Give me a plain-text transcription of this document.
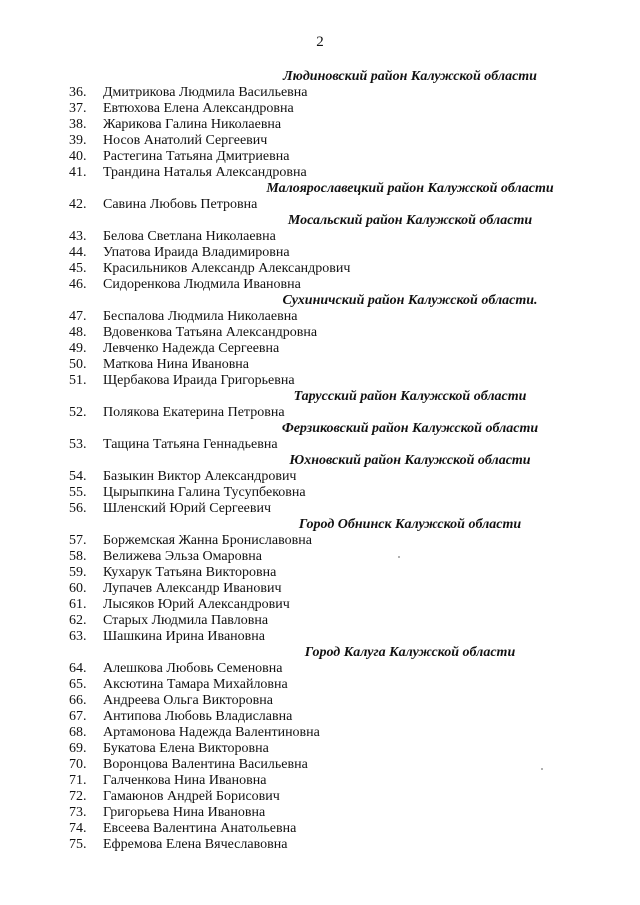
2
Людиновский район Калужской области
36.	Дмитрикова Людмила Васильевна
37.	Евтюхова Елена Александровна
38.	Жарикова Галина Николаевна
39.	Носов Анатолий Сергеевич
40.	Растегина Татьяна Дмитриевна
41.	Трандина Наталья Александровна
Малоярославецкий район Калужской области
42.	Савина Любовь Петровна
Мосальский район Калужской области
43.	Белова Светлана Николаевна
44.	Упатова Ираида Владимировна
45.	Красильников Александр Александрович
46.	Сидоренкова Людмила Ивановна
Сухиничский район Калужской области.
47.	Беспалова Людмила Николаевна
48.	Вдовенкова Татьяна Александровна
49.	Левченко Надежда Сергеевна
50.	Маткова Нина Ивановна
51.	Щербакова Ираида Григорьевна
Тарусский район Калужской области
52.	Полякова Екатерина Петровна
Ферзиковский район Калужской области
53.	Тащина Татьяна Геннадьевна
Юхновский район Калужской области
54.	Базыкин Виктор Александрович
55.	Цырыпкина Галина Тусупбековна
56.	Шленский Юрий Сергеевич
Город Обнинск Калужской области
57.	Боржемская Жанна Брониславовна
58.	Велижева Эльза Омаровна
59.	Кухарук Татьяна Викторовна
60.	Лупачев Александр Иванович
61.	Лысяков Юрий Александрович
62.	Старых Людмила Павловна
63.	Шашкина Ирина Ивановна
Город Калуга Калужской области
64.	Алешкова Любовь Семеновна
65.	Аксютина Тамара Михайловна
66.	Андреева Ольга Викторовна
67.	Антипова Любовь Владиславна
68.	Артамонова Надежда Валентиновна
69.	Букатова Елена Викторовна
70.	Воронцова Валентина Васильевна
71.	Галченкова Нина Ивановна
72.	Гамаюнов Андрей Борисович
73.	Григорьева Нина Ивановна
74.	Евсеева Валентина Анатольевна
75.	Ефремова Елена Вячеславовна
